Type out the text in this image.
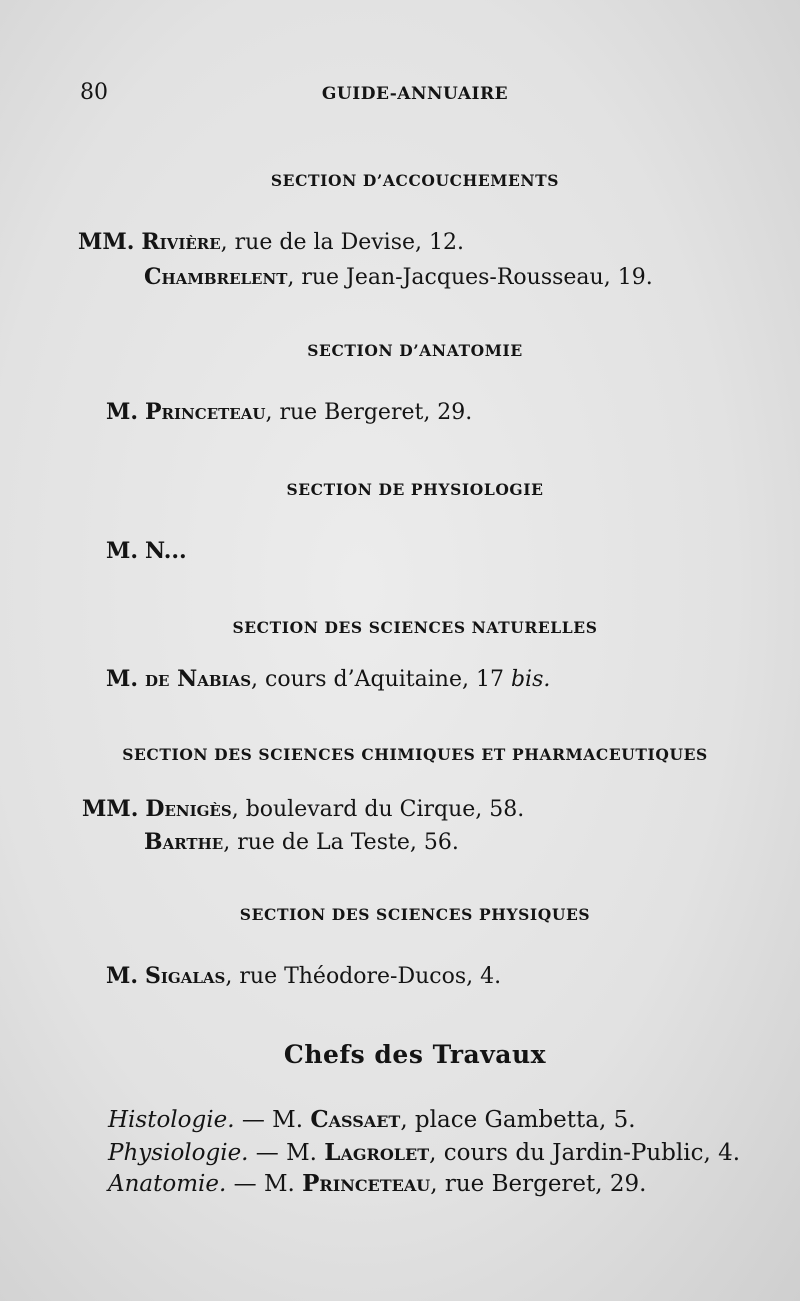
80	GUIDE-ANNUAIRE
SECTION D’ACCOUCHEMENTS
MM. Rivière, rue de la Devise, 12.
Chambrelent, rue Jean-Jacques-Rousseau, 19.
SECTION D’ANATOMIE
M. Princeteau, rue Bergeret, 29.
SECTION DE PHYSIOLOGIE
M. N...
SECTION DES SCIENCES NATURELLES
M. de Nabias, cours d’Aquitaine, 17 bis.
SECTION DES SCIENCES CHIMIQUES ET PHARMACEUTIQUES
MM. Denigès, boulevard du Cirque, 58.
Barthe, rue de La Teste, 56.
SECTION DES SCIENCES PHYSIQUES
M. Sigalas, rue Théodore-Ducos, 4.
Chefs des Travaux
Histologie. — M. Cassaet, place Gambetta, 5.
Physiologie. — M. Lagrolet, cours du Jardin-Public, 4.
Anatomie. — M. Princeteau, rue Bergeret, 29.
